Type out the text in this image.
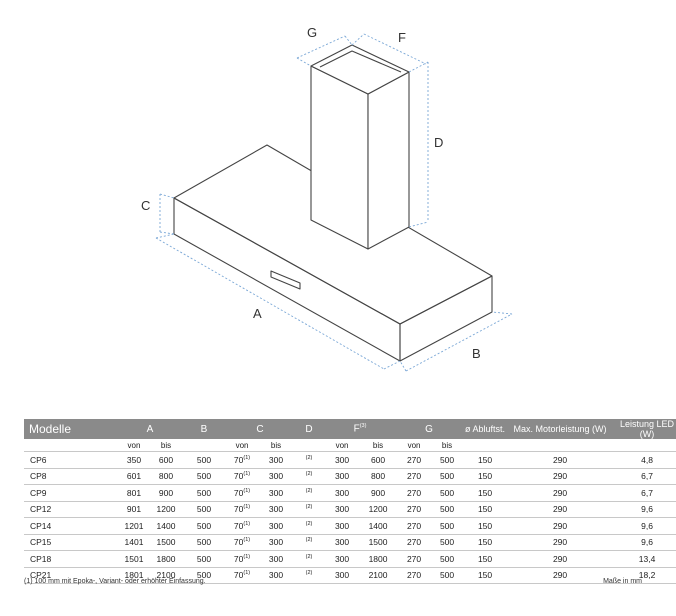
A
B
C
D
F
G
Modelle	A		B	C		D	$F^{(3)}$		G		ø Abluftst.	Max. Motorleistung (W)	Leistung LED (W)
	von	bis		von	bis		von	bis	von	bis			
CP6	350	600	500	70$^{(1)}$	300	$^{(2)}$	300	600	270	500	150	290	4,8
CP8	601	800	500	70$^{(1)}$	300	$^{(2)}$	300	800	270	500	150	290	6,7
CP9	801	900	500	70$^{(1)}$	300	$^{(2)}$	300	900	270	500	150	290	6,7
CP12	901	1200	500	70$^{(1)}$	300	$^{(2)}$	300	1200	270	500	150	290	9,6
CP14	1201	1400	500	70$^{(1)}$	300	$^{(2)}$	300	1400	270	500	150	290	9,6
CP15	1401	1500	500	70$^{(1)}$	300	$^{(2)}$	300	1500	270	500	150	290	9,6
CP18	1501	1800	500	70$^{(1)}$	300	$^{(2)}$	300	1800	270	500	150	290	13,4
CP21	1801	2100	500	70$^{(1)}$	300	$^{(2)}$	300	2100	270	500	150	290	18,2
(1) 100 mm mit Epoka-, Variant- oder erhöhter Einfassung.	Maße in mm
